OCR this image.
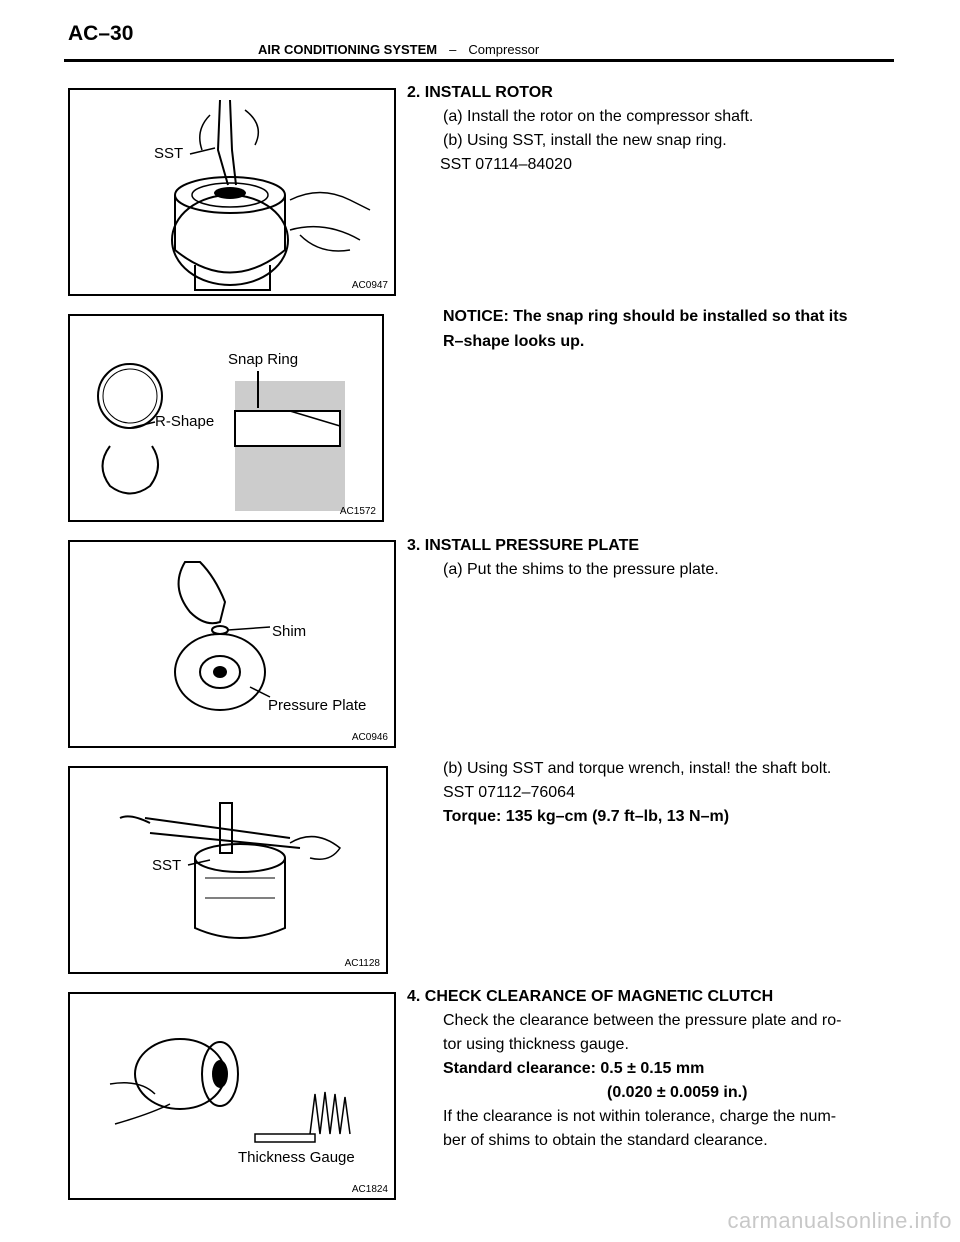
AC–30
AIR CONDITIONING SYSTEM – Compressor
SST
AC0947
Snap Ring
R-Shape
AC1572
Shim
Pressure Plate
AC0946
SST
AC1128
Thickness Gauge
AC1824
2. INSTALL ROTOR
(a) Install the rotor on the compressor shaft.
(b) Using SST, install the new snap ring.
SST 07114–84020
NOTICE: The snap ring should be installed so that its
R–shape looks up.
3. INSTALL PRESSURE PLATE
(a) Put the shims to the pressure plate.
(b) Using SST and torque wrench, instal! the shaft bolt.
SST 07112–76064
Torque: 135 kg–cm (9.7 ft–lb, 13 N–m)
4. CHECK CLEARANCE OF MAGNETIC CLUTCH
Check the clearance between the pressure plate and ro-
tor using thickness gauge.
Standard clearance: 0.5 ± 0.15 mm
(0.020 ± 0.0059 in.)
If the clearance is not within tolerance, charge the num-
ber of shims to obtain the standard clearance.
carmanualsonline.info
